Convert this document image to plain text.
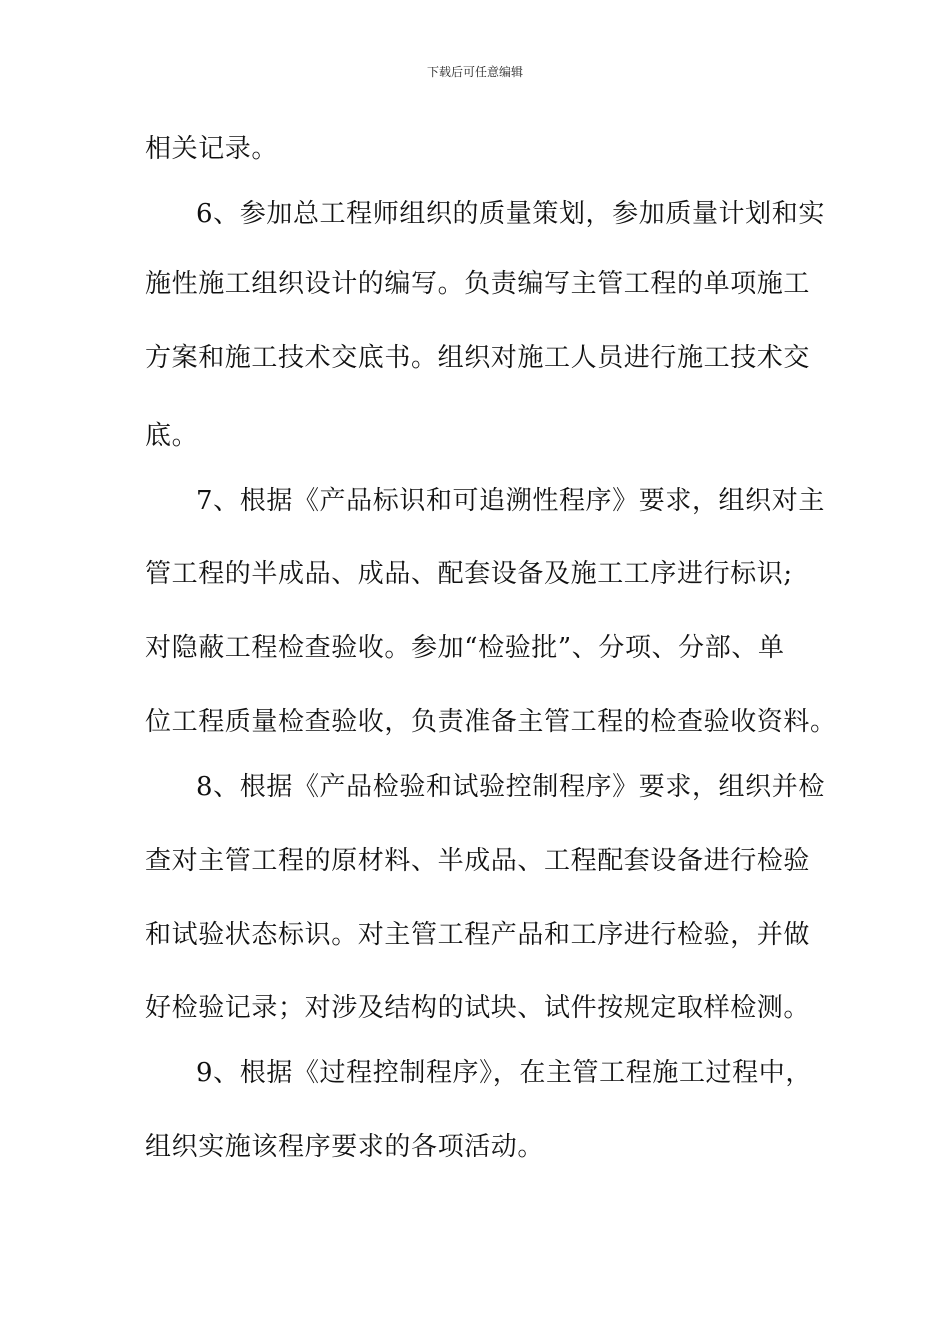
下载后可任意编辑
相关记录。
6、参加总工程师组织的质量策划，参加质量计划和实
施性施工组织设计的编写。负责编写主管工程的单项施工
方案和施工技术交底书。组织对施工人员进行施工技术交
底。
7、根据《产品标识和可追溯性程序》要求，组织对主
管工程的半成品、成品、配套设备及施工工序进行标识;
对隐蔽工程检查验收。参加“检验批”、分项、分部、单
位工程质量检查验收，负责准备主管工程的检查验收资料。
8、根据《产品检验和试验控制程序》要求，组织并检
查对主管工程的原材料、半成品、工程配套设备进行检验
和试验状态标识。对主管工程产品和工序进行检验，并做
好检验记录；对涉及结构的试块、试件按规定取样检测。
9、根据《过程控制程序》，在主管工程施工过程中，
组织实施该程序要求的各项活动。
